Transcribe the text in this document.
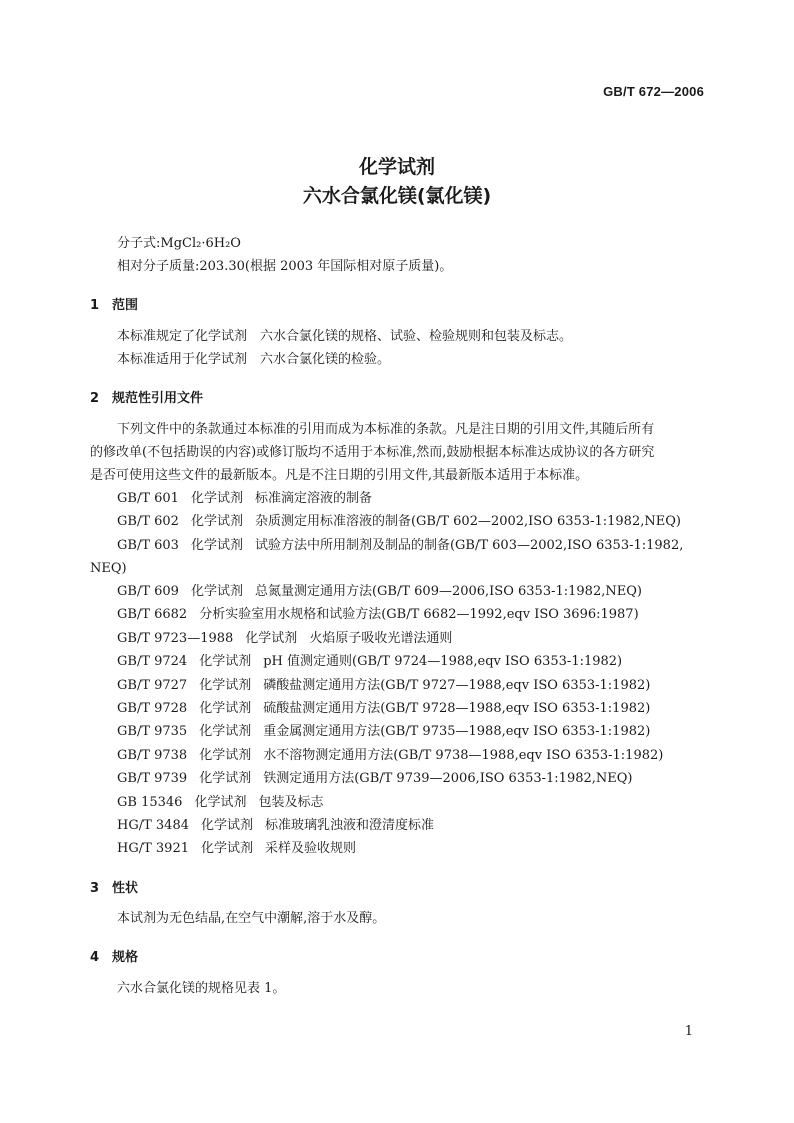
GB/T 672—2006
化学试剂
六水合氯化镁(氯化镁)
分子式:MgCl₂·6H₂O
相对分子质量:203.30(根据 2003 年国际相对原子质量)。
1 范围
本标准规定了化学试剂　六水合氯化镁的规格、试验、检验规则和包装及标志。
本标准适用于化学试剂　六水合氯化镁的检验。
2 规范性引用文件
下列文件中的条款通过本标准的引用而成为本标准的条款。凡是注日期的引用文件,其随后所有
的修改单(不包括勘误的内容)或修订版均不适用于本标准,然而,鼓励根据本标准达成协议的各方研究
是否可使用这些文件的最新版本。凡是不注日期的引用文件,其最新版本适用于本标准。
GB/T 601 化学试剂 标准滴定溶液的制备
GB/T 602 化学试剂 杂质测定用标准溶液的制备(GB/T 602—2002,ISO 6353-1:1982,NEQ)
GB/T 603 化学试剂 试验方法中所用制剂及制品的制备(GB/T 603—2002,ISO 6353-1:1982,
NEQ)
GB/T 609 化学试剂 总氮量测定通用方法(GB/T 609—2006,ISO 6353-1:1982,NEQ)
GB/T 6682 分析实验室用水规格和试验方法(GB/T 6682—1992,eqv ISO 3696:1987)
GB/T 9723—1988 化学试剂 火焰原子吸收光谱法通则
GB/T 9724 化学试剂 pH 值测定通则(GB/T 9724—1988,eqv ISO 6353-1:1982)
GB/T 9727 化学试剂 磷酸盐测定通用方法(GB/T 9727—1988,eqv ISO 6353-1:1982)
GB/T 9728 化学试剂 硫酸盐测定通用方法(GB/T 9728—1988,eqv ISO 6353-1:1982)
GB/T 9735 化学试剂 重金属测定通用方法(GB/T 9735—1988,eqv ISO 6353-1:1982)
GB/T 9738 化学试剂 水不溶物测定通用方法(GB/T 9738—1988,eqv ISO 6353-1:1982)
GB/T 9739 化学试剂 铁测定通用方法(GB/T 9739—2006,ISO 6353-1:1982,NEQ)
GB 15346 化学试剂 包装及标志
HG/T 3484 化学试剂 标准玻璃乳浊液和澄清度标准
HG/T 3921 化学试剂 采样及验收规则
3 性状
本试剂为无色结晶,在空气中潮解,溶于水及醇。
4 规格
六水合氯化镁的规格见表 1。
1
